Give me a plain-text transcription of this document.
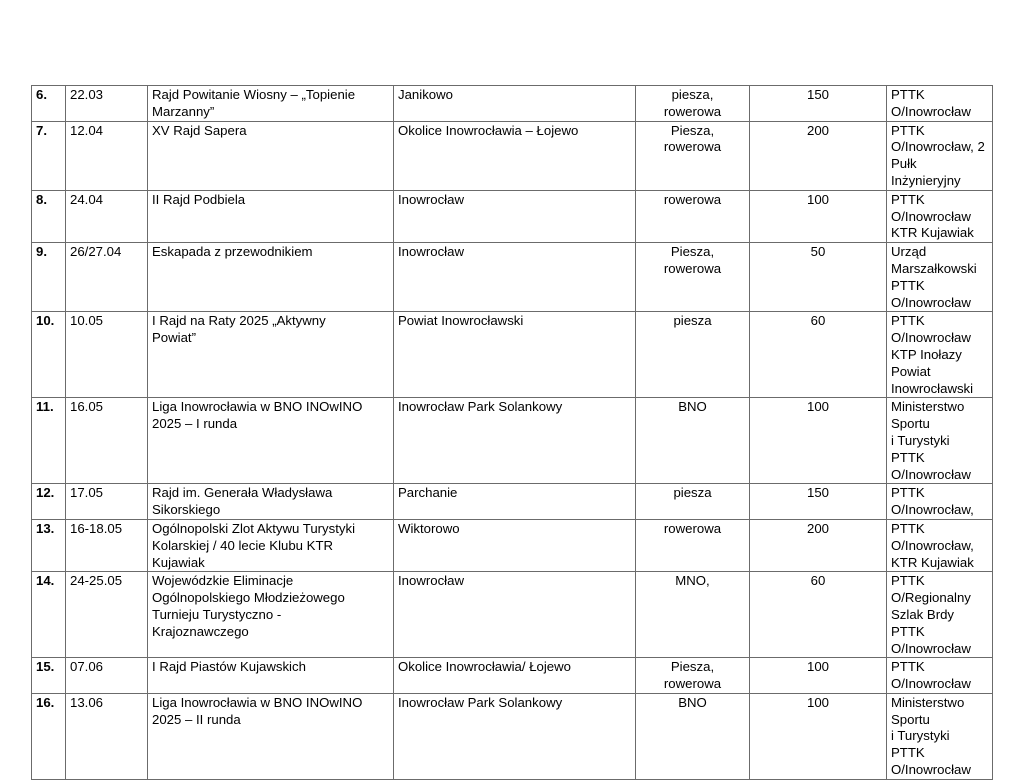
6.	22.03	Rajd Powitanie Wiosny – „Topienie
Marzanny”	Janikowo	piesza,
rowerowa	150	PTTK O/Inowrocław
7.	12.04	XV Rajd Sapera	Okolice Inowrocławia – Łojewo	Piesza,
rowerowa	200	PTTK
O/Inowrocław, 2
Pułk Inżynieryjny
8.	24.04	II Rajd Podbiela	Inowrocław	rowerowa	100	PTTK O/Inowrocław
KTR Kujawiak
9.	26/27.04	Eskapada z przewodnikiem	Inowrocław	Piesza,
rowerowa	50	Urząd
Marszałkowski
PTTK O/Inowrocław
10.	10.05	I Rajd na Raty 2025 „Aktywny
Powiat”	Powiat Inowrocławski	piesza	60	PTTK O/Inowrocław
KTP Inołazy
Powiat
Inowrocławski
11.	16.05	Liga Inowrocławia w BNO INOwINO
2025 – I runda	Inowrocław Park Solankowy	BNO	100	Ministerstwo Sportu
i Turystyki
PTTK O/Inowrocław
12.	17.05	Rajd im. Generała Władysława
Sikorskiego	Parchanie	piesza	150	PTTK
O/Inowrocław,
13.	16-18.05	Ogólnopolski Zlot Aktywu Turystyki
Kolarskiej / 40 lecie Klubu KTR
Kujawiak	Wiktorowo	rowerowa	200	PTTK
O/Inowrocław,
KTR Kujawiak
14.	24-25.05	Wojewódzkie Eliminacje
Ogólnopolskiego Młodzieżowego
Turnieju Turystyczno -
Krajoznawczego	Inowrocław	MNO,	60	PTTK O/Regionalny
Szlak Brdy
PTTK O/Inowrocław
15.	07.06	I Rajd Piastów Kujawskich	Okolice Inowrocławia/ Łojewo	Piesza,
rowerowa	100	PTTK O/Inowrocław
16.	13.06	Liga Inowrocławia w BNO INOwINO
2025 – II runda	Inowrocław Park Solankowy	BNO	100	Ministerstwo Sportu
i Turystyki
PTTK O/Inowrocław
